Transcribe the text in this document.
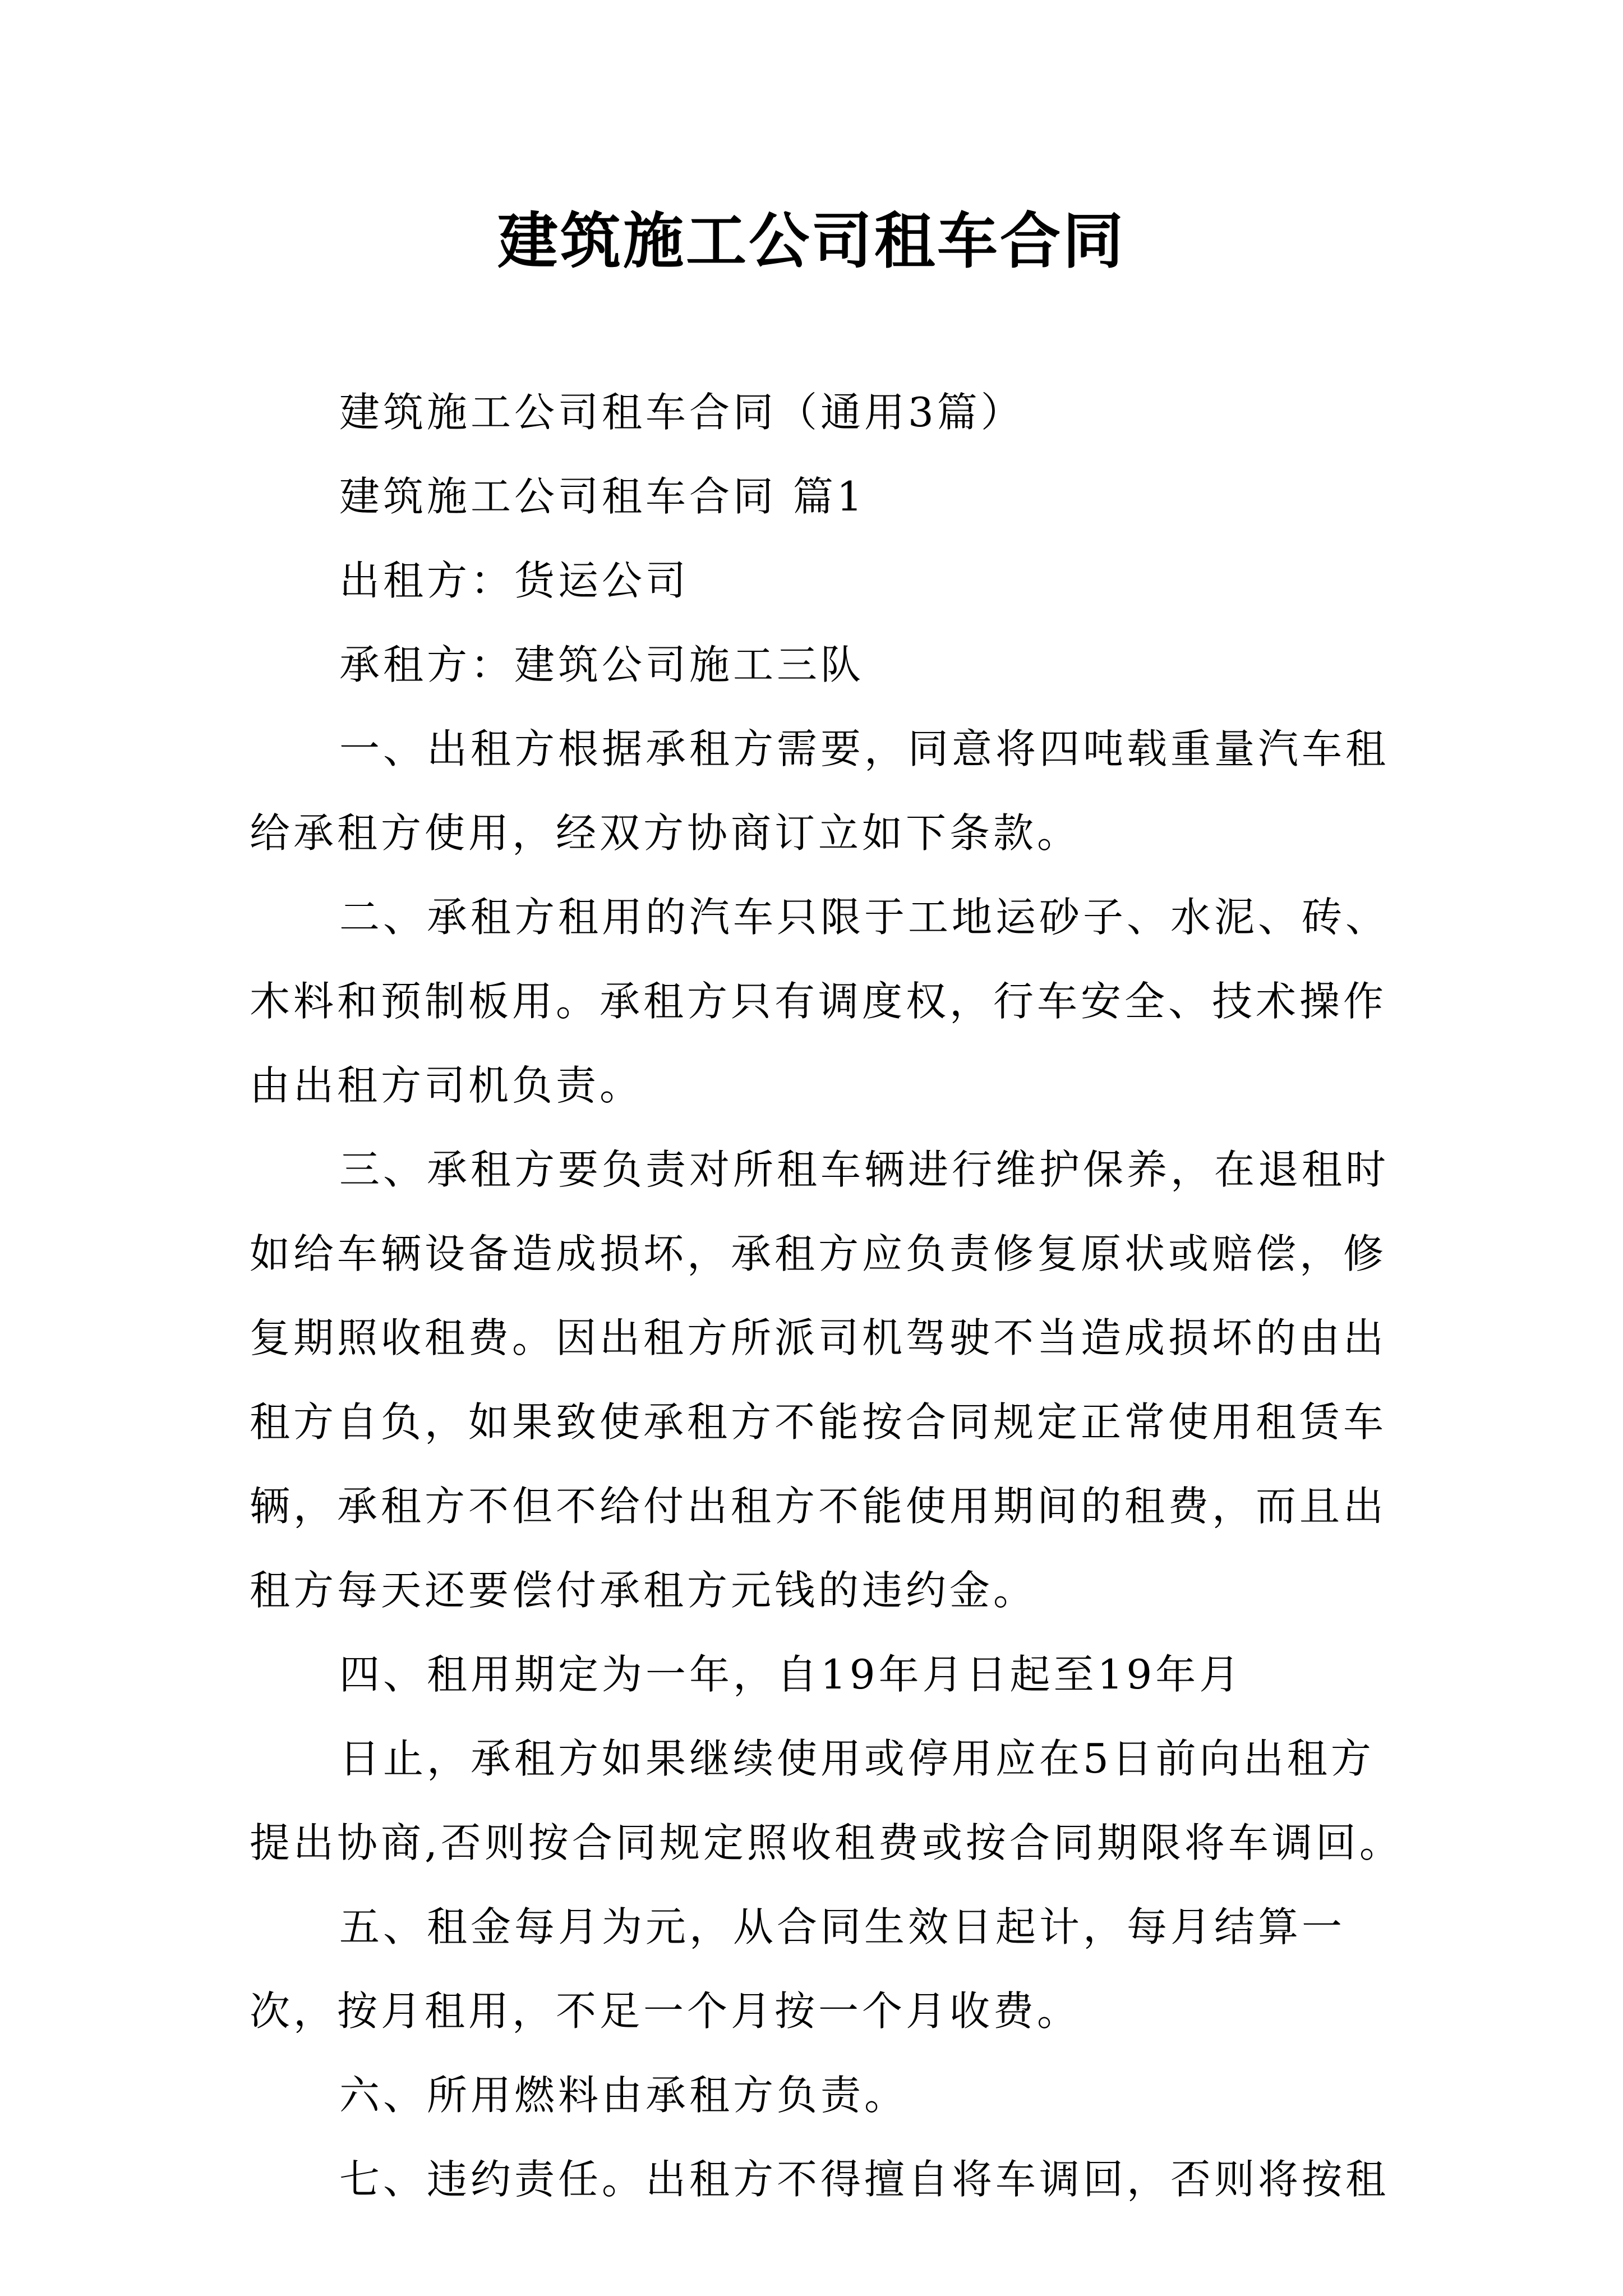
建筑施工公司租车合同

建筑施工公司租车合同（通用3篇）

建筑施工公司租车合同 篇1

出租方：货运公司

承租方：建筑公司施工三队

一、出租方根据承租方需要，同意将四吨载重量汽车租给承租方使用，经双方协商订立如下条款。

二、承租方租用的汽车只限于工地运砂子、水泥、砖、木料和预制板用。承租方只有调度权，行车安全、技术操作由出租方司机负责。

三、承租方要负责对所租车辆进行维护保养，在退租时如给车辆设备造成损坏，承租方应负责修复原状或赔偿，修复期照收租费。因出租方所派司机驾驶不当造成损坏的由出租方自负，如果致使承租方不能按合同规定正常使用租赁车辆，承租方不但不给付出租方不能使用期间的租费，而且出租方每天还要偿付承租方元钱的违约金。

四、租用期定为一年，自19年月日起至19年月

日止，承租方如果继续使用或停用应在5日前向出租方提出协商,否则按合同规定照收租费或按合同期限将车调回。

五、租金每月为元，从合同生效日起计，每月结算一次，按月租用，不足一个月按一个月收费。

六、所用燃料由承租方负责。

七、违约责任。出租方不得擅自将车调回，否则将按租
